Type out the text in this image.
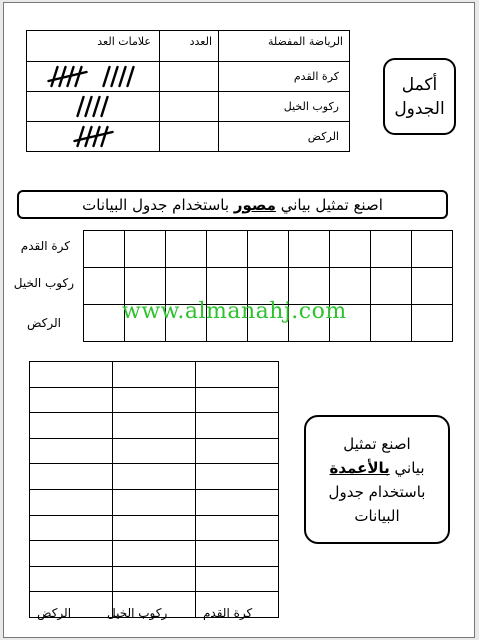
علامات العد	العدد	الرياضة المفضلة

		كرة القدم

		ركوب الخيل

		الركض
أكمل
الجدول
اصنع تمثيل بياني

مصور

باستخدام جدول البيانات
كرة القدم
ركوب الخيل
الركض	www.almanahj.com
الركض	ركوب الخيل	كرة القدم
اصنع تمثيل
بياني بالأعمدة
باستخدام جدول
البيانات
